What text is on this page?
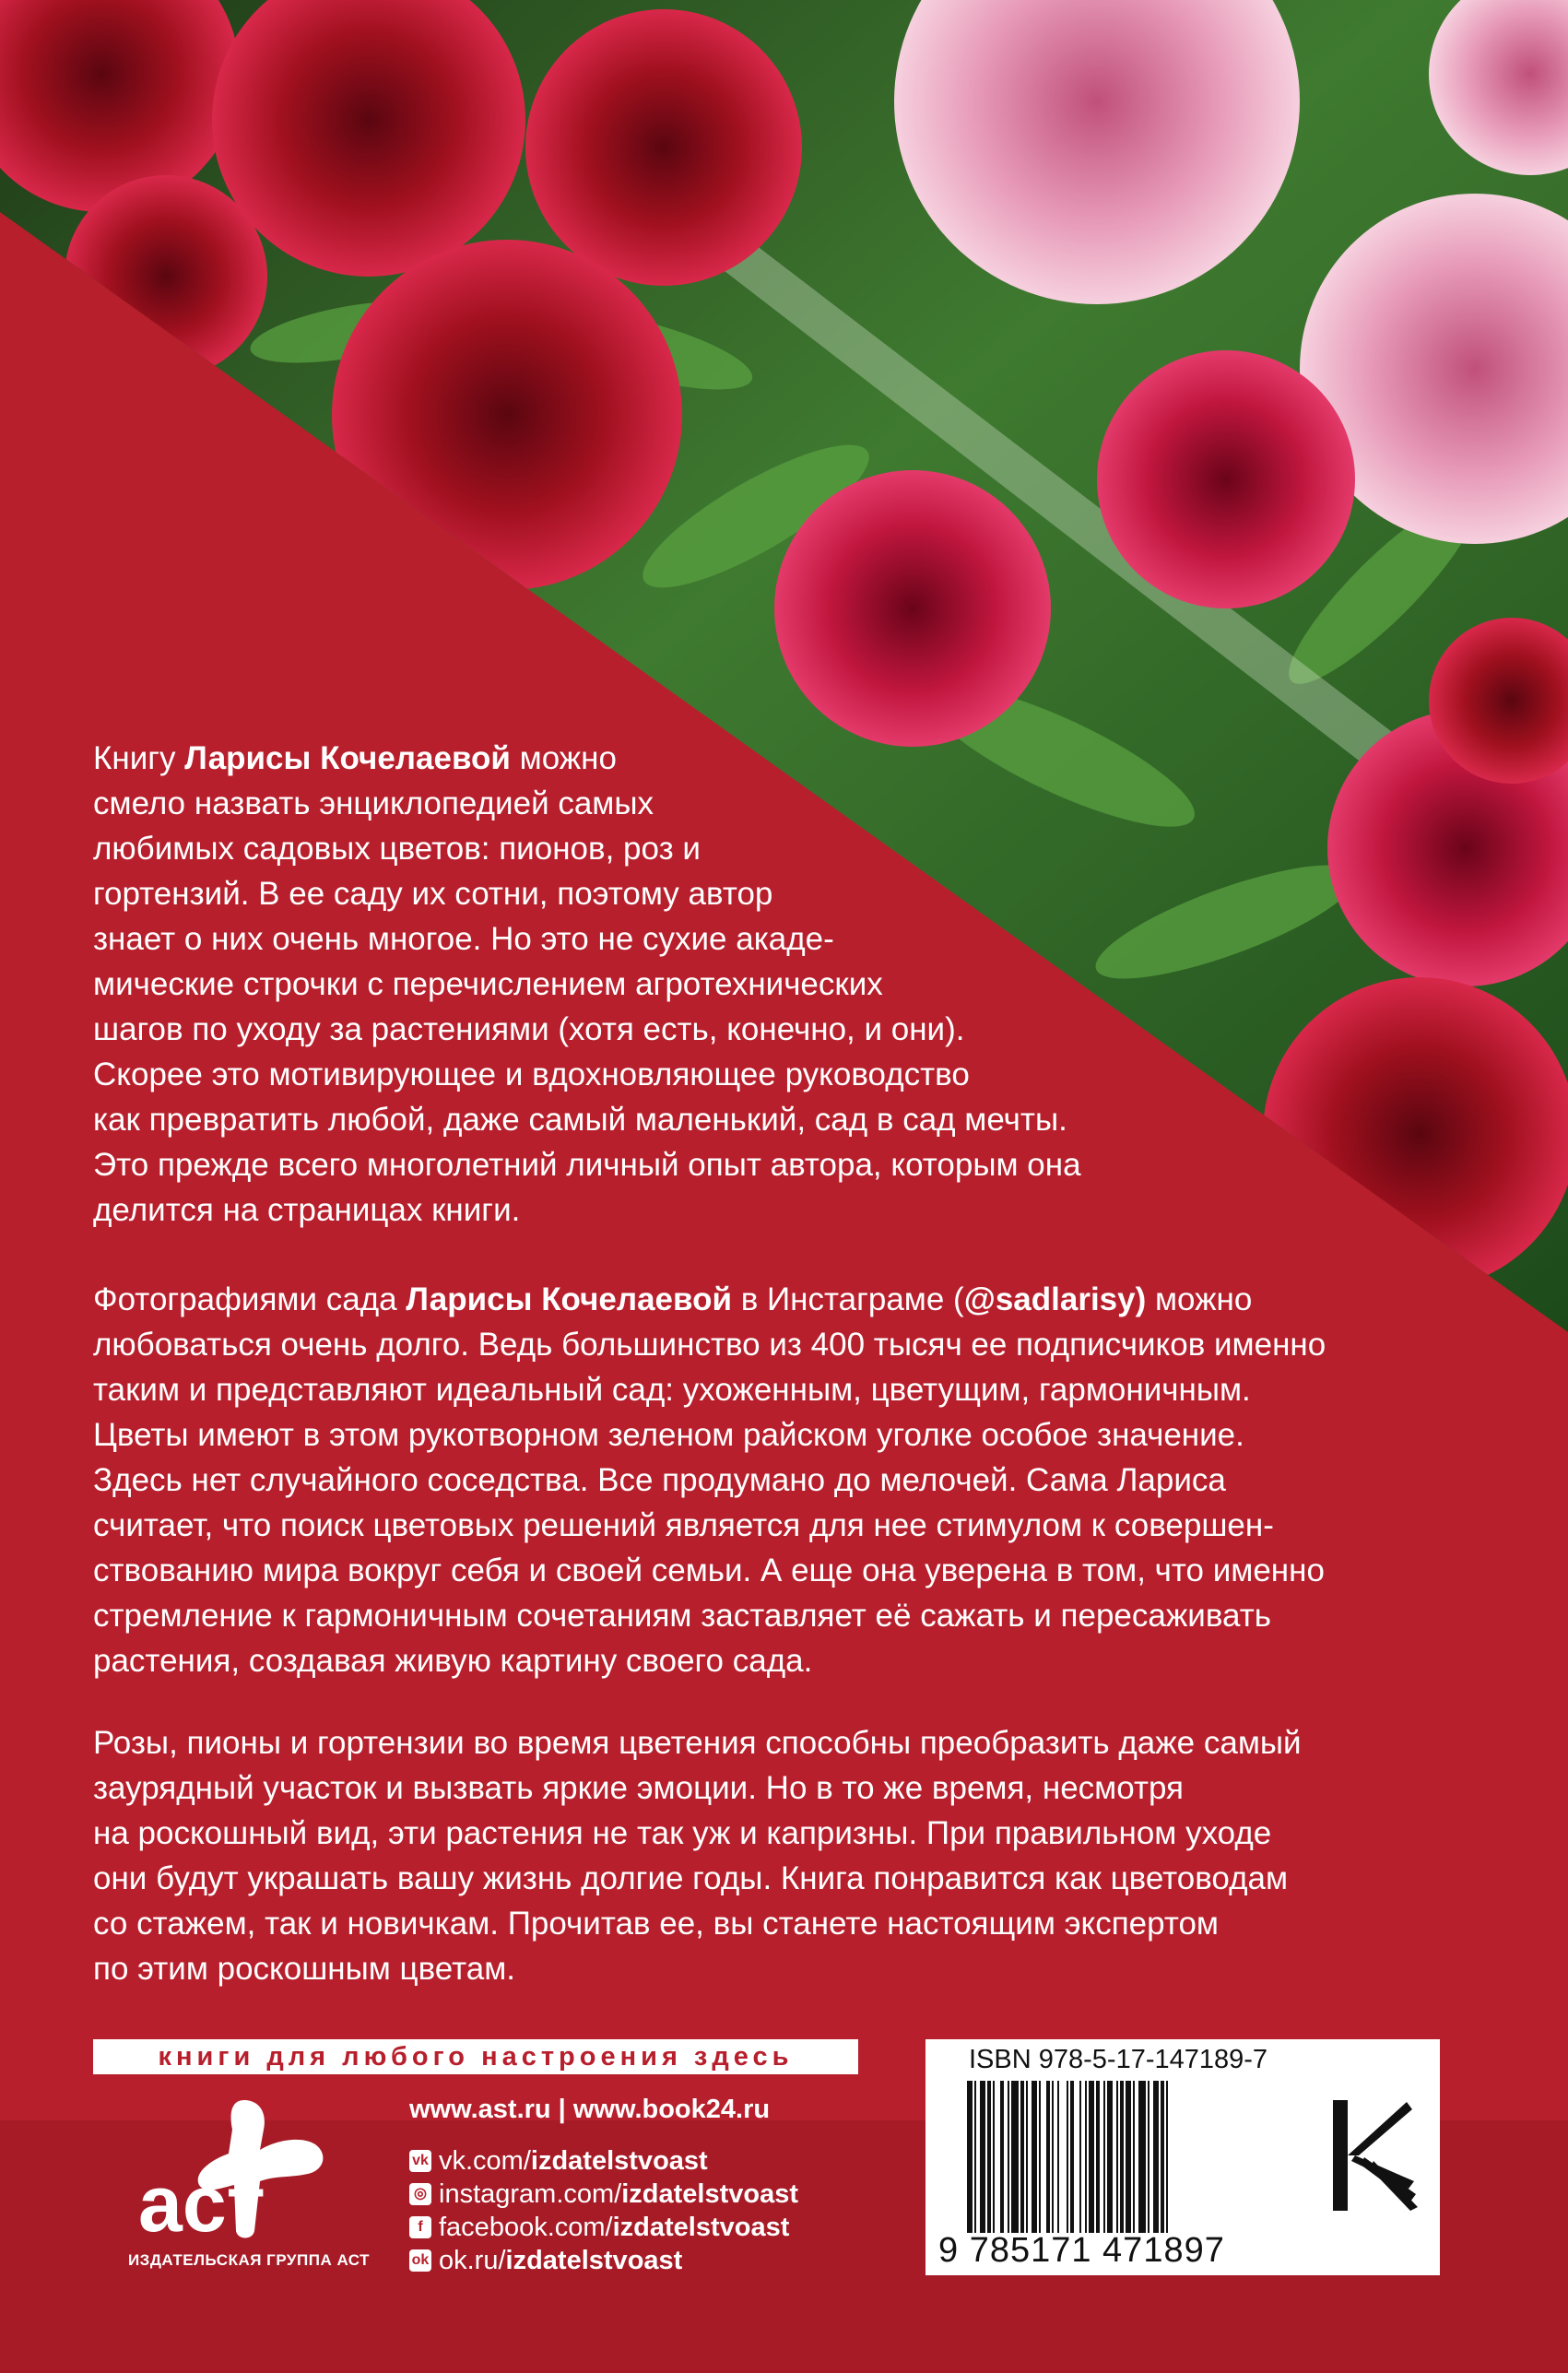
Книгу Ларисы Кочелаевой можно
смело назвать энциклопедией самых
любимых садовых цветов: пионов, роз и
гортензий. В ее саду их сотни, поэтому автор
знает о них очень многое. Но это не сухие акаде-
мические строчки с перечислением агротехнических
шагов по уходу за растениями (хотя есть, конечно, и они).
Скорее это мотивирующее и вдохновляющее руководство
как превратить любой, даже самый маленький, сад в сад мечты.
Это прежде всего многолетний личный опыт автора, которым она
делится на страницах книги.
Фотографиями сада Ларисы Кочелаевой в Инстаграме (@sadlarisy) можно
любоваться очень долго. Ведь большинство из 400 тысяч ее подписчиков именно
таким и представляют идеальный сад: ухоженным, цветущим, гармоничным.
Цветы имеют в этом рукотворном зеленом райском уголке особое значение.
Здесь нет случайного соседства. Все продумано до мелочей. Сама Лариса
считает, что поиск цветовых решений является для нее стимулом к совершен-
ствованию мира вокруг себя и своей семьи. А еще она уверена в том, что именно
стремление к гармоничным сочетаниям заставляет её сажать и пересаживать
растения, создавая живую картину своего сада.
Розы, пионы и гортензии во время цветения способны преобразить даже самый
заурядный участок и вызвать яркие эмоции. Но в то же время, несмотря
на роскошный вид, эти растения не так уж и капризны. При правильном уходе
они будут украшать вашу жизнь долгие годы. Книга понравится как цветоводам
со стажем, так и новичкам. Прочитав ее, вы станете настоящим экспертом
по этим роскошным цветам.
книги для любого настроения здесь
аст
ИЗДАТЕЛЬСКАЯ ГРУППА АСТ
www.ast.ru | www.book24.ru
vk vk.com/izdatelstvoast
◎ instagram.com/izdatelstvoast
f facebook.com/izdatelstvoast
ok ok.ru/izdatelstvoast
ISBN 978-5-17-147189-7
9 785171 471897
